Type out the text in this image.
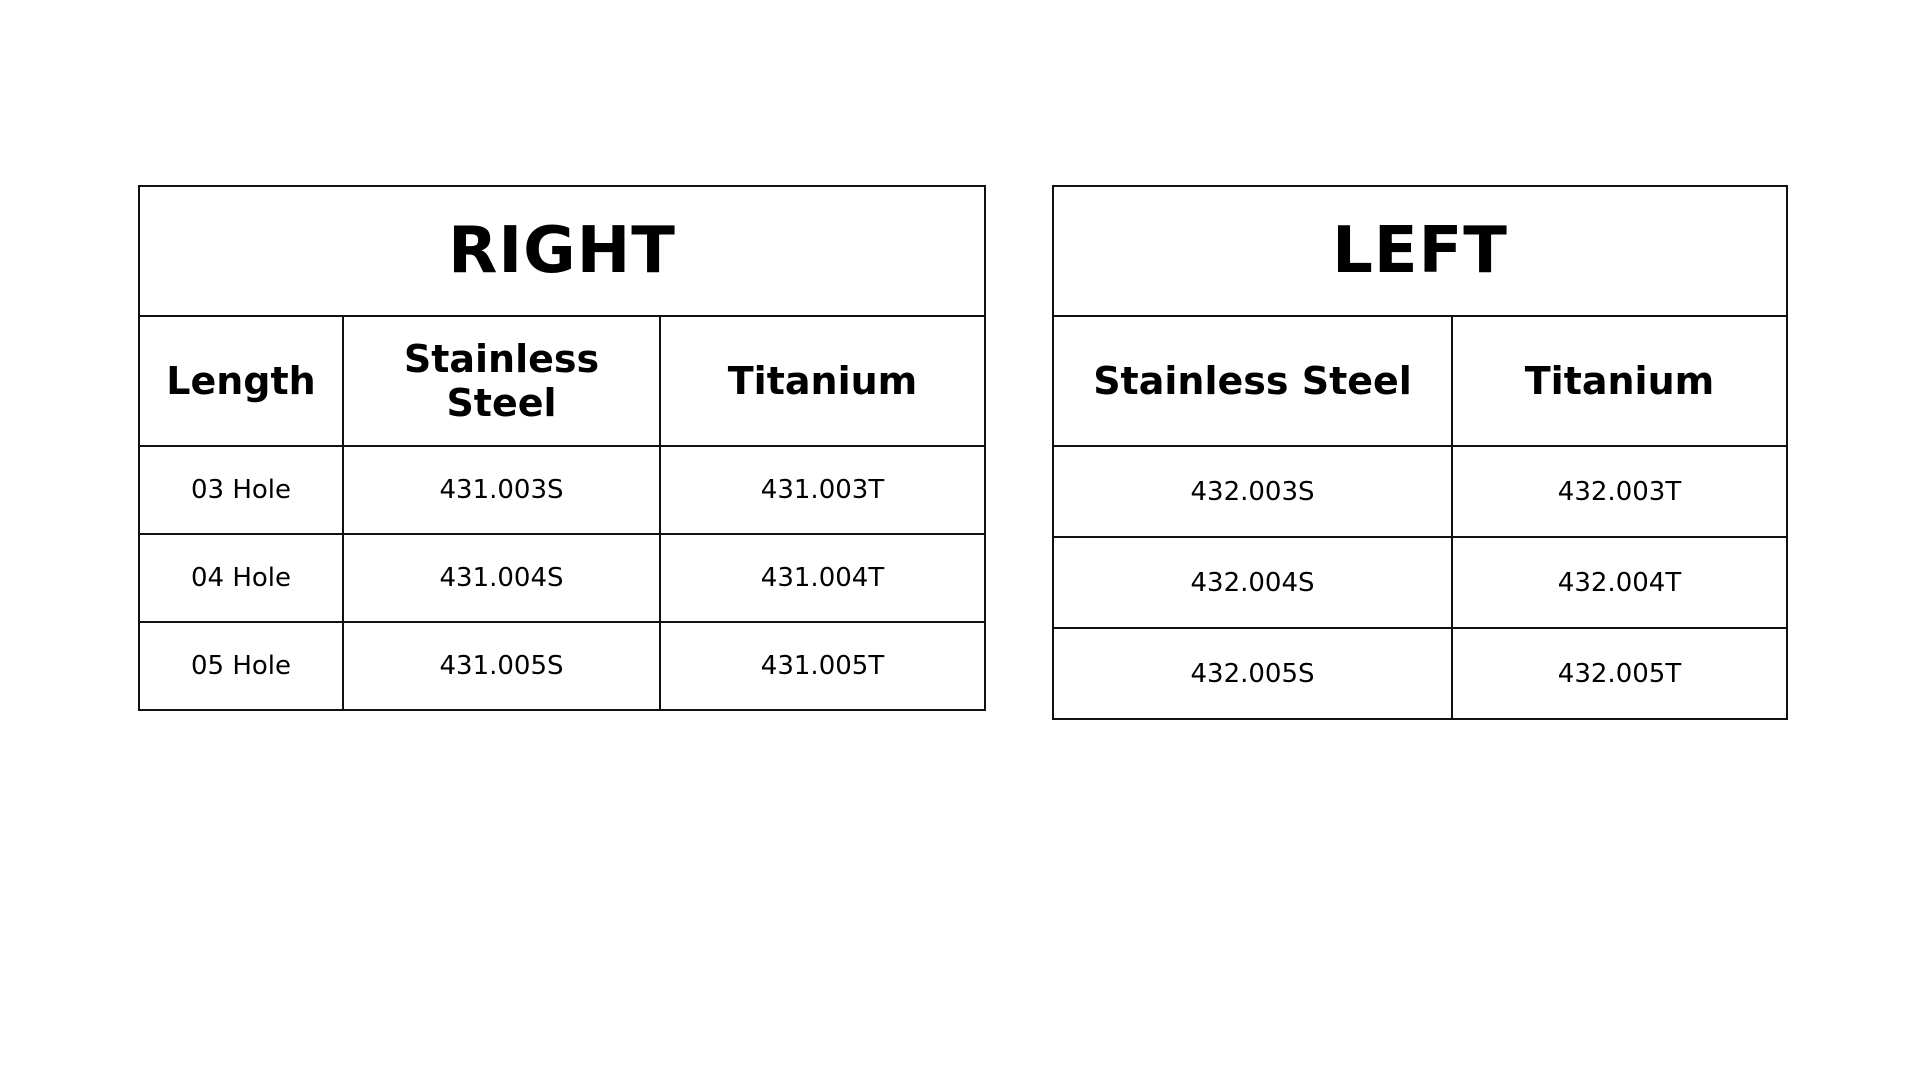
RIGHT		
Length	Stainless Steel	Titanium
03 Hole	431.003S	431.003T
04 Hole	431.004S	431.004T
05 Hole	431.005S	431.005T
LEFT	
Stainless Steel	Titanium
432.003S	432.003T
432.004S	432.004T
432.005S	432.005T
